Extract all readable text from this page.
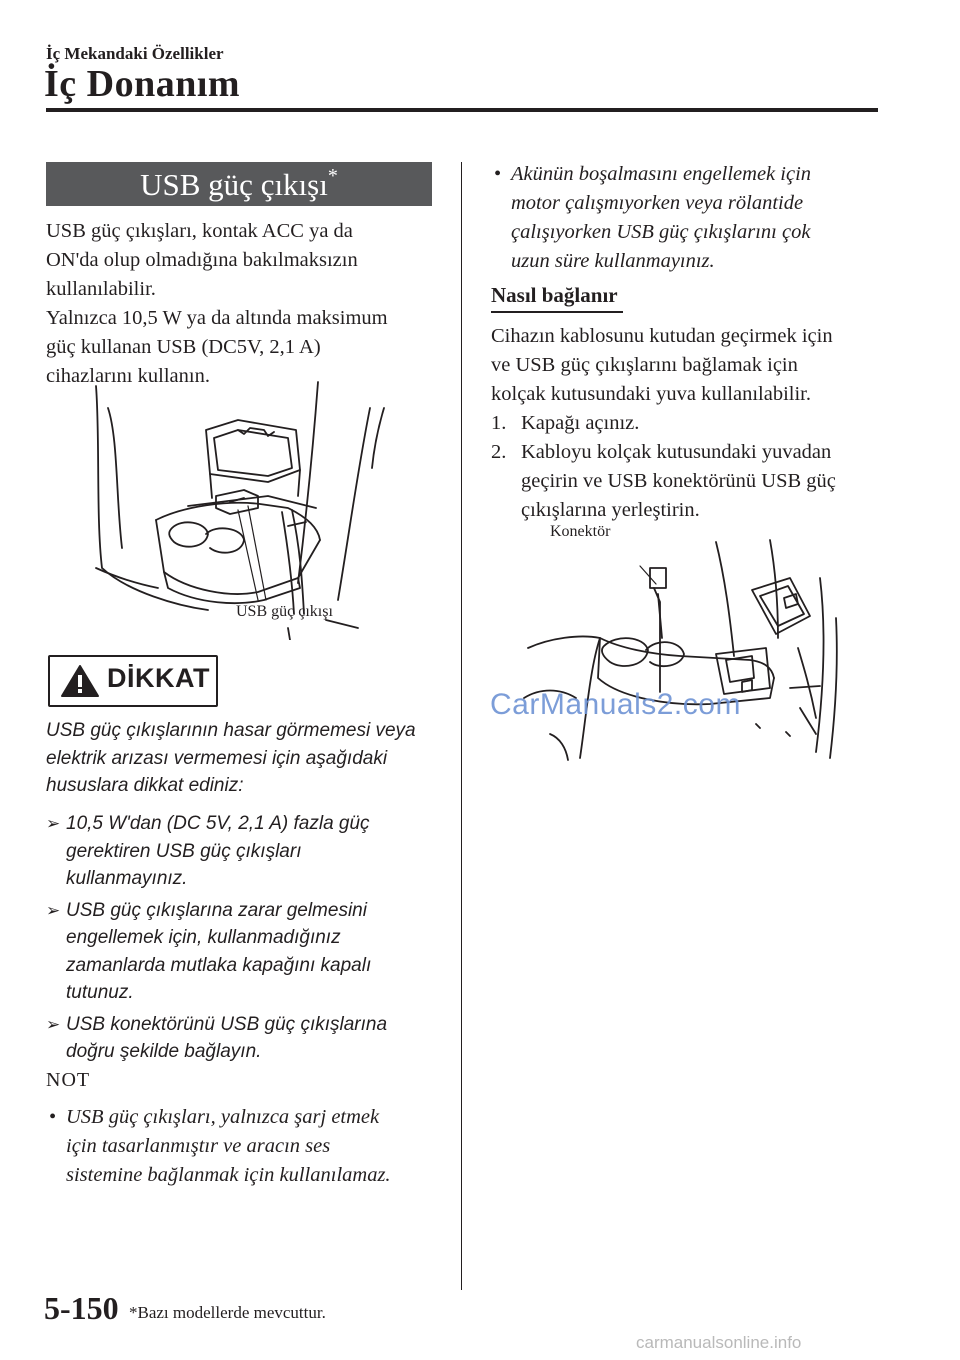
İç Mekandaki Özellikler
İç Donanım
USB güç çıkışı*
USB güç çıkışları, kontak ACC ya da
ON'da olup olmadığına bakılmaksızın
kullanılabilir.
Yalnızca 10,5 W ya da altında maksimum
güç kullanan USB (DC5V, 2,1 A)
cihazlarını kullanın.
USB güç çıkışı
DİKKAT
USB güç çıkışlarının hasar görmemesi veya
elektrik arızası vermemesi için aşağıdaki
hususlara dikkat ediniz:
➢ 10,5 W'dan (DC 5V, 2,1 A) fazla güç
gerektiren USB güç çıkışları
kullanmayınız.
➢ USB güç çıkışlarına zarar gelmesini
engellemek için, kullanmadığınız
zamanlarda mutlaka kapağını kapalı
tutunuz.
➢ USB konektörünü USB güç çıkışlarına
doğru şekilde bağlayın.
NOT
• USB güç çıkışları, yalnızca şarj etmek
için tasarlanmıştır ve aracın ses
sistemine bağlanmak için kullanılamaz.
• Akünün boşalmasını engellemek için
motor çalışmıyorken veya rölantide
çalışıyorken USB güç çıkışlarını çok
uzun süre kullanmayınız.
Nasıl bağlanır
Cihazın kablosunu kutudan geçirmek için
ve USB güç çıkışlarını bağlamak için
kolçak kutusundaki yuva kullanılabilir.
1. Kapağı açınız.
2. Kabloyu kolçak kutusundaki yuvadan
geçirin ve USB konektörünü USB güç
çıkışlarına yerleştirin.
Konektör
5-150 *Bazı modellerde mevcuttur.
CarManuals2.com
carmanualsonline.info
